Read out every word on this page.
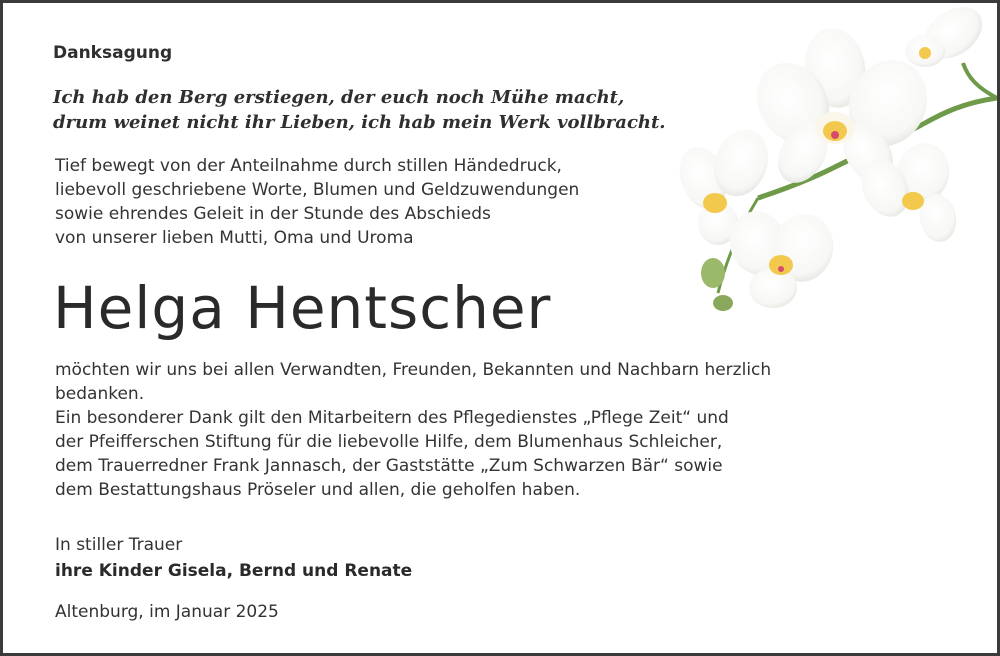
Danksagung
Ich hab den Berg erstiegen, der euch noch Mühe macht,
drum weinet nicht ihr Lieben, ich hab mein Werk vollbracht.
Tief bewegt von der Anteilnahme durch stillen Händedruck,
liebevoll geschriebene Worte, Blumen und Geldzuwendungen
sowie ehrendes Geleit in der Stunde des Abschieds
von unserer lieben Mutti, Oma und Uroma
Helga Hentscher
möchten wir uns bei allen Verwandten, Freunden, Bekannten und Nachbarn herzlich
bedanken.
Ein besonderer Dank gilt den Mitarbeitern des Pflegedienstes „Pflege Zeit“ und
der Pfeifferschen Stiftung für die liebevolle Hilfe, dem Blumenhaus Schleicher,
dem Trauerredner Frank Jannasch, der Gaststätte „Zum Schwarzen Bär“ sowie
dem Bestattungshaus Pröseler und allen, die geholfen haben.
In stiller Trauer
ihre Kinder Gisela, Bernd und Renate
Altenburg, im Januar 2025
